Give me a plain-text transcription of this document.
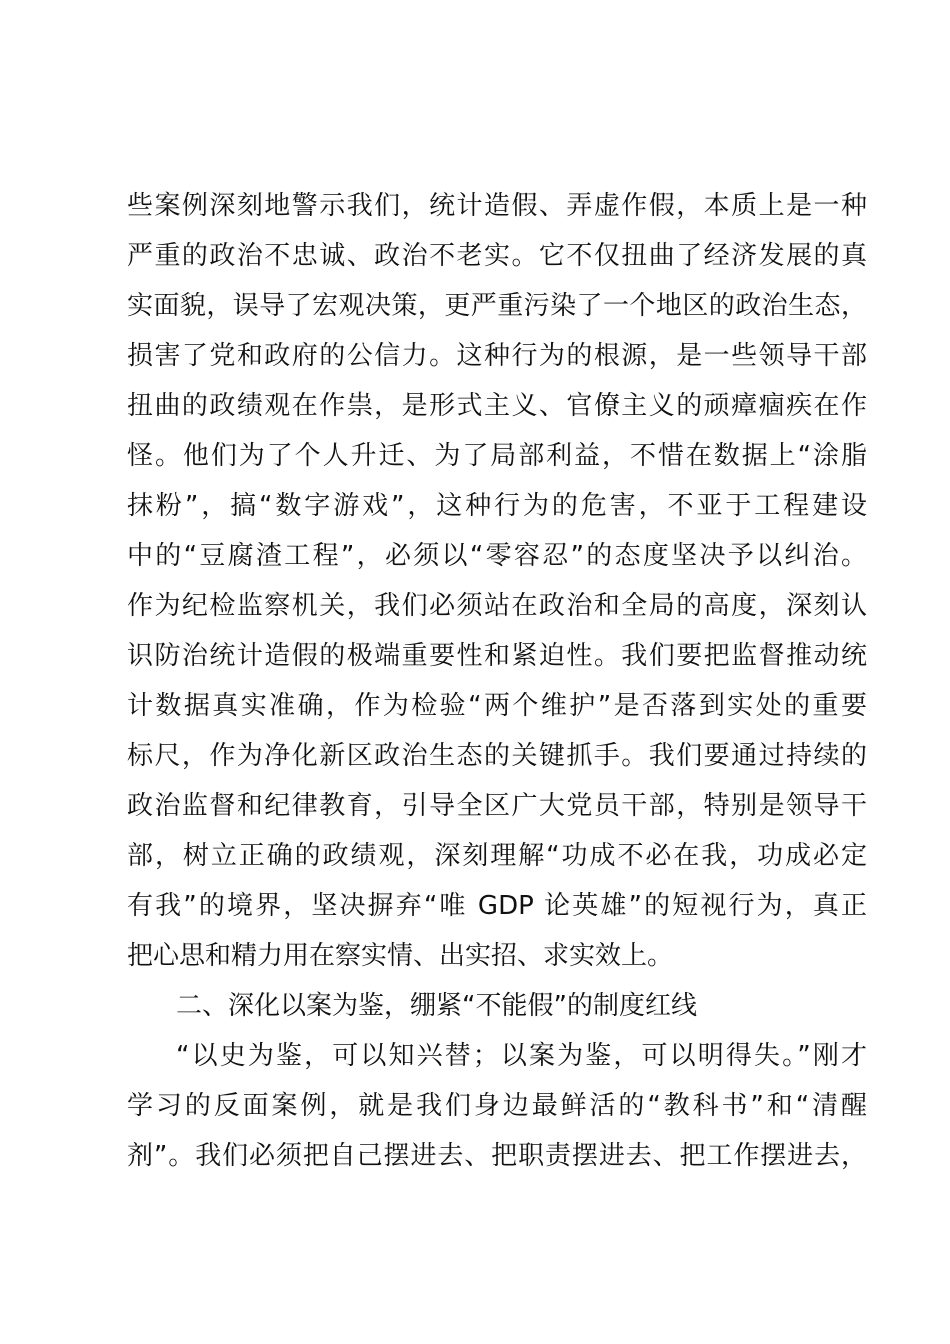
些案例深刻地警示我们，统计造假、弄虚作假，本质上是一种
严重的政治不忠诚、政治不老实。它不仅扭曲了经济发展的真
实面貌，误导了宏观决策，更严重污染了一个地区的政治生态，
损害了党和政府的公信力。这种行为的根源，是一些领导干部
扭曲的政绩观在作祟，是形式主义、官僚主义的顽瘴痼疾在作
怪。他们为了个人升迁、为了局部利益，不惜在数据上“涂脂
抹粉”，搞“数字游戏”，这种行为的危害，不亚于工程建设
中的“豆腐渣工程”，必须以“零容忍”的态度坚决予以纠治。
作为纪检监察机关，我们必须站在政治和全局的高度，深刻认
识防治统计造假的极端重要性和紧迫性。我们要把监督推动统
计数据真实准确，作为检验“两个维护”是否落到实处的重要
标尺，作为净化新区政治生态的关键抓手。我们要通过持续的
政治监督和纪律教育，引导全区广大党员干部，特别是领导干
部，树立正确的政绩观，深刻理解“功成不必在我，功成必定
有我”的境界，坚决摒弃“唯 GDP 论英雄”的短视行为，真正
把心思和精力用在察实情、出实招、求实效上。
二、深化以案为鉴，绷紧“不能假”的制度红线
“以史为鉴，可以知兴替；以案为鉴，可以明得失。”刚才
学习的反面案例，就是我们身边最鲜活的“教科书”和“清醒
剂”。我们必须把自己摆进去、把职责摆进去、把工作摆进去，
